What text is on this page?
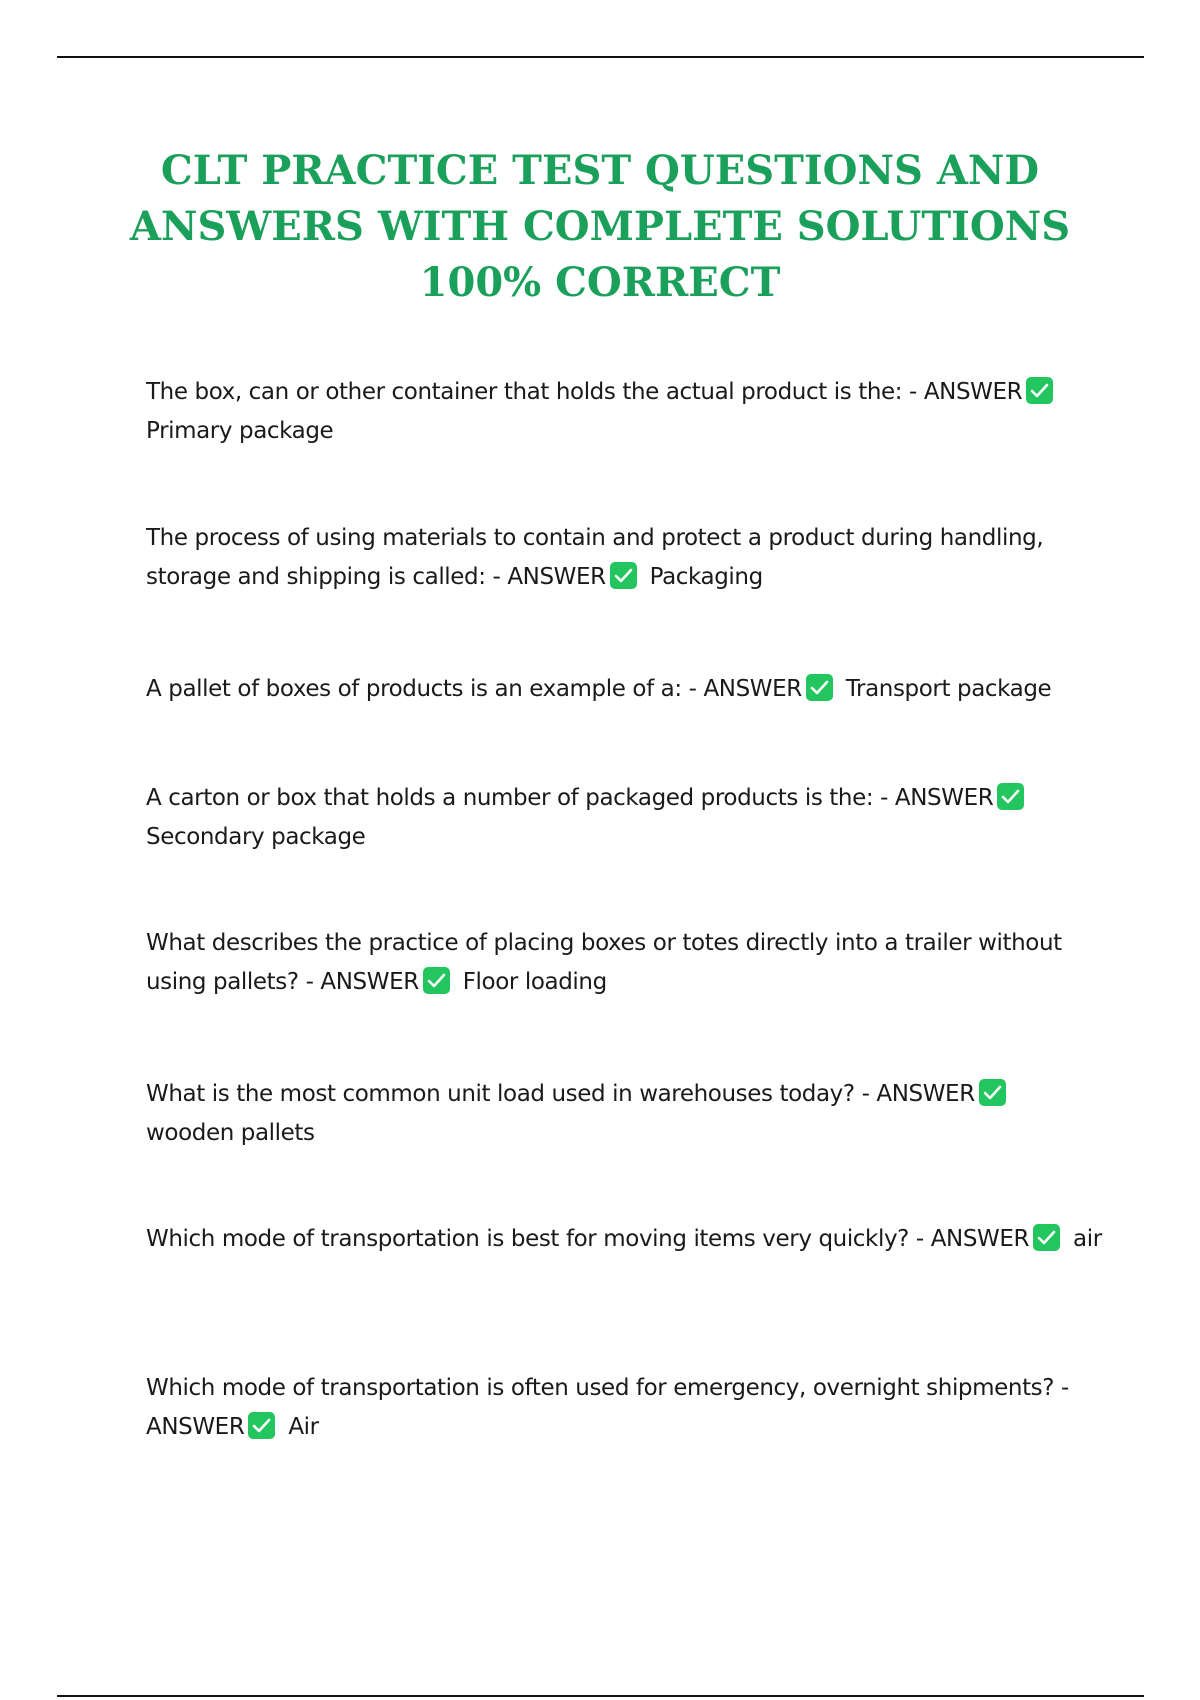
CLT PRACTICE TEST QUESTIONS AND
ANSWERS WITH COMPLETE SOLUTIONS
100% CORRECT

The box, can or other container that holds the actual product is the: - ANSWER
Primary package

The process of using materials to contain and protect a product during handling, storage and shipping is called: - ANSWER Packaging

A pallet of boxes of products is an example of a: - ANSWER Transport package

A carton or box that holds a number of packaged products is the: - ANSWER
Secondary package

What describes the practice of placing boxes or totes directly into a trailer without using pallets? - ANSWER Floor loading

What is the most common unit load used in warehouses today? - ANSWER
wooden pallets

Which mode of transportation is best for moving items very quickly? - ANSWER air

Which mode of transportation is often used for emergency, overnight shipments? - ANSWER Air
